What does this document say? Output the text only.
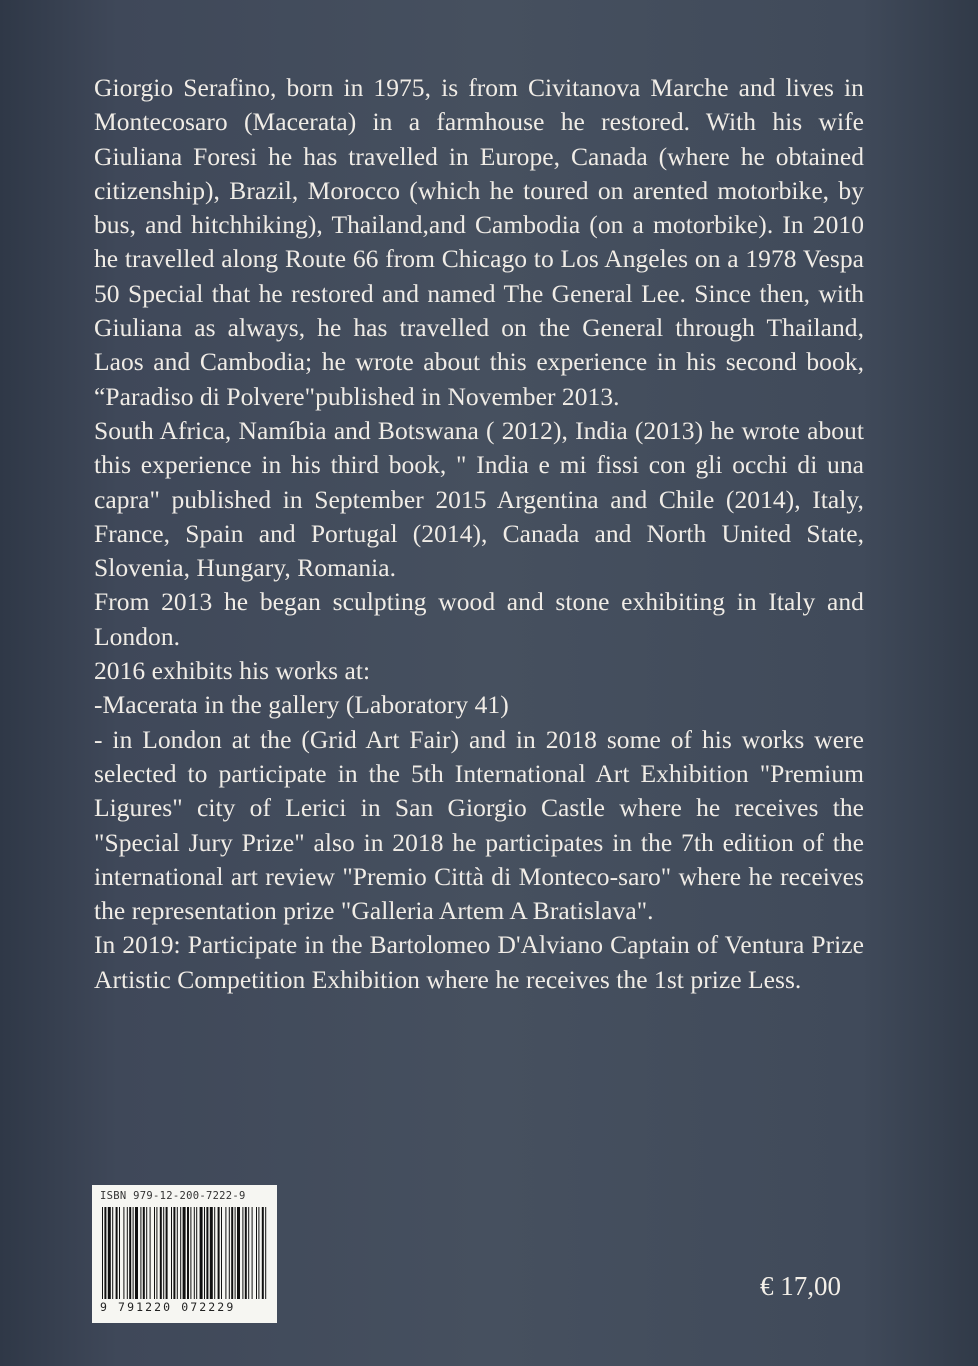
Giorgio Serafino, born in 1975, is from Civitanova Marche and lives in Montecosaro (Macerata) in a farmhouse he restored. With his wife Giuliana Foresi he has travelled in Europe, Canada (where he obtained citizenship), Brazil, Morocco (which he toured on arented motorbike, by bus, and hitchhiking), Thailand,and Cambodia (on a motorbike). In 2010 he travelled along Route 66 from Chicago to Los Angeles on a 1978 Vespa 50 Special that he restored and named The General Lee. Since then, with Giuliana as always, he has travelled on the General through Thailand, Laos and Cambodia; he wrote about this experience in his second book, “Paradiso di Polvere"published in November 2013.

South Africa, Namíbia and Botswana ( 2012), India (2013) he wrote about this experience in his third book, " India e mi fissi con gli occhi di una capra" published in September 2015 Argentina and Chile (2014), Italy, France, Spain and Portugal (2014), Canada and North United State, Slovenia, Hungary, Romania.

From 2013 he began sculpting wood and stone exhibiting in Italy and London.

2016 exhibits his works at:

-Macerata in the gallery (Laboratory 41)

- in London at the (Grid Art Fair) and in 2018 some of his works were selected to participate in the 5th International Art Exhibition "Premium Ligures" city of Lerici in San Giorgio Castle where he receives the "Special Jury Prize" also in 2018 he participates in the 7th edition of the international art review "Premio Città di Monteco-saro" where he receives the representation prize "Galleria Artem A Bratislava".

In 2019: Participate in the Bartolomeo D'Alviano Captain of Ventura Prize Artistic Competition Exhibition where he receives the 1st prize Less.

ISBN 979-12-200-7222-9
9 791220 072229
€ 17,00
